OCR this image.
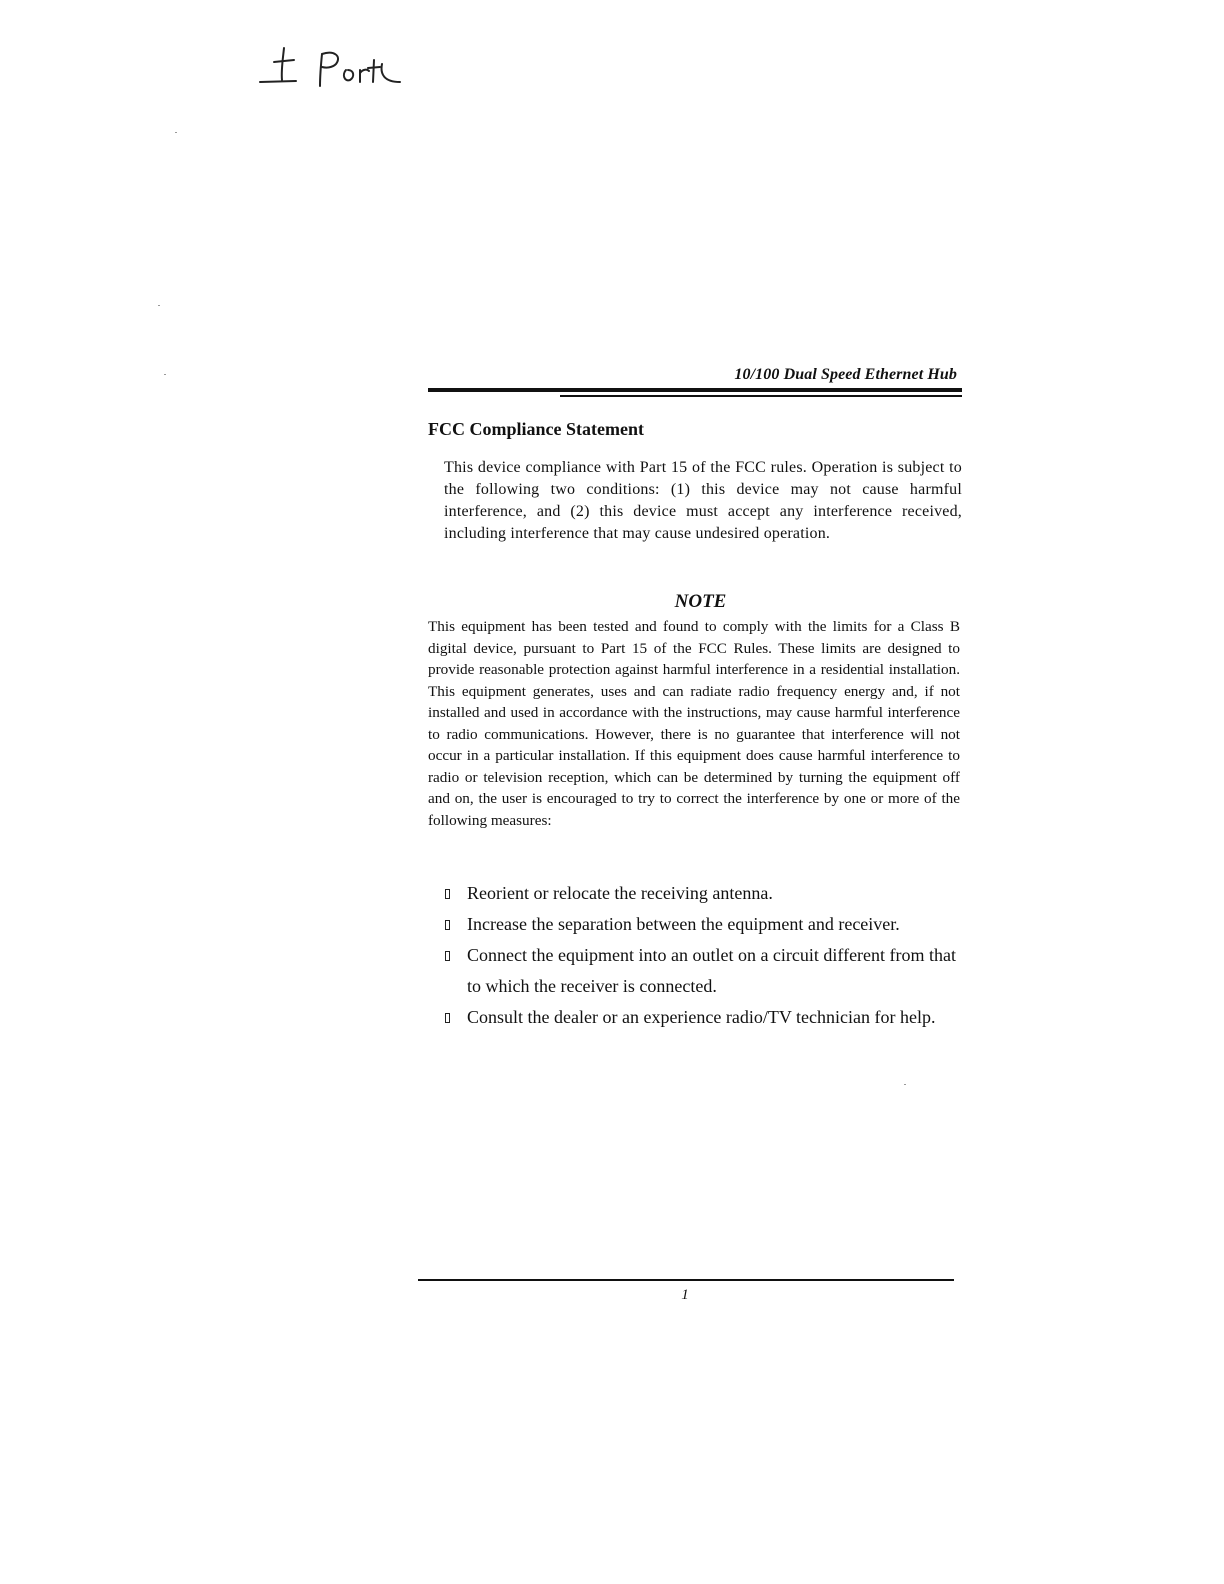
10/100 Dual Speed Ethernet Hub
FCC Compliance Statement
This device compliance with Part 15 of the FCC rules. Operation is subject to the following two conditions: (1) this device may not cause harmful interference, and (2) this device must accept any interference received, including interference that may cause undesired operation.
NOTE
This equipment has been tested and found to comply with the limits for a Class B digital device, pursuant to Part 15 of the FCC Rules. These limits are designed to provide reasonable protection against harmful interference in a residential installation. This equipment generates, uses and can radiate radio frequency energy and, if not installed and used in accordance with the instructions, may cause harmful interference to radio communications. However, there is no guarantee that interference will not occur in a particular installation. If this equipment does cause harmful interference to radio or television reception, which can be determined by turning the equipment off and on, the user is encouraged to try to correct the interference by one or more of the following measures:
Reorient or relocate the receiving antenna.
Increase the separation between the equipment and receiver.
Connect the equipment into an outlet on a circuit different from that to which the receiver is connected.
Consult the dealer or an experience radio/TV technician for help.
1
